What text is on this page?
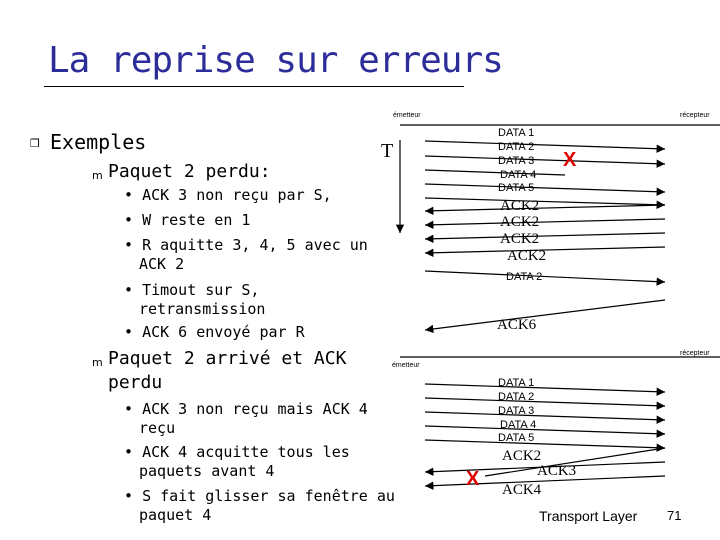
La reprise sur erreurs
❒ Exemples
m Paquet 2 perdu:
• ACK 3 non reçu par S,
• W reste en 1
• R aquitte 3, 4, 5 avec un
ACK 2
• Timout sur S,
retransmission
• ACK 6 envoyé par R
m Paquet 2 arrivé et ACK
perdu
• ACK 3 non reçu mais ACK 4
reçu
• ACK 4 acquitte tous les
paquets avant 4
• S fait glisser sa fenêtre au
paquet 4
émetteur	récepteur
T
DATA 1
DATA 2
DATA 3
DATA 4
DATA 5
X
ACK2
ACK2
ACK2
ACK2
DATA 2
ACK6
émetteur
récepteur
DATA 1
DATA 2
DATA 3
DATA 4
DATA 5
ACK2
ACK3
ACK4
X
Transport Layer 71
